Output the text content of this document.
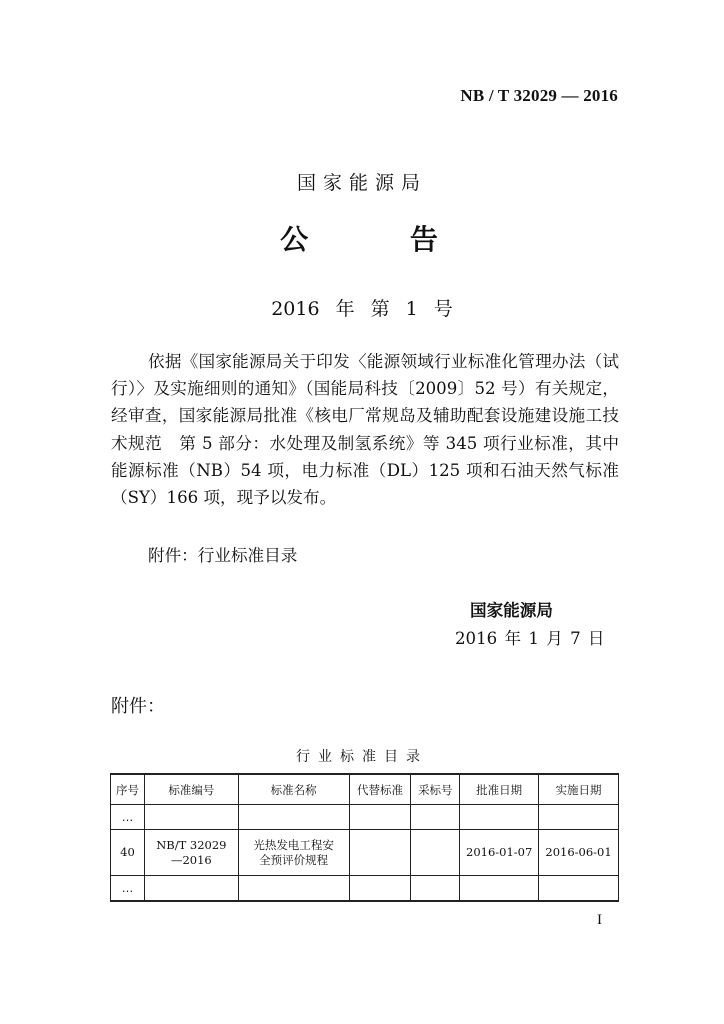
NB / T 32029 — 2016
国家能源局
公 告
2016 年 第 1 号

依据《国家能源局关于印发〈能源领域行业标准化管理办法（试行）〉及实施细则的通知》（国能局科技〔2009〕52 号）有关规定，经审查，国家能源局批准《核电厂常规岛及辅助配套设施建设施工技术规范　第 5 部分：水处理及制氢系统》等 345 项行业标准，其中能源标准（NB）54 项，电力标准（DL）125 项和石油天然气标准（SY）166 项，现予以发布。

附件：行业标准目录
国家能源局
2016 年 1 月 7 日
附件：
行业标准目录
序号	标准编号	标准名称	代替标准	采标号	批准日期	实施日期
…						
40	NB/T 32029—2016	光热发电工程安全预评价规程			2016-01-07	2016-06-01
…						
I
